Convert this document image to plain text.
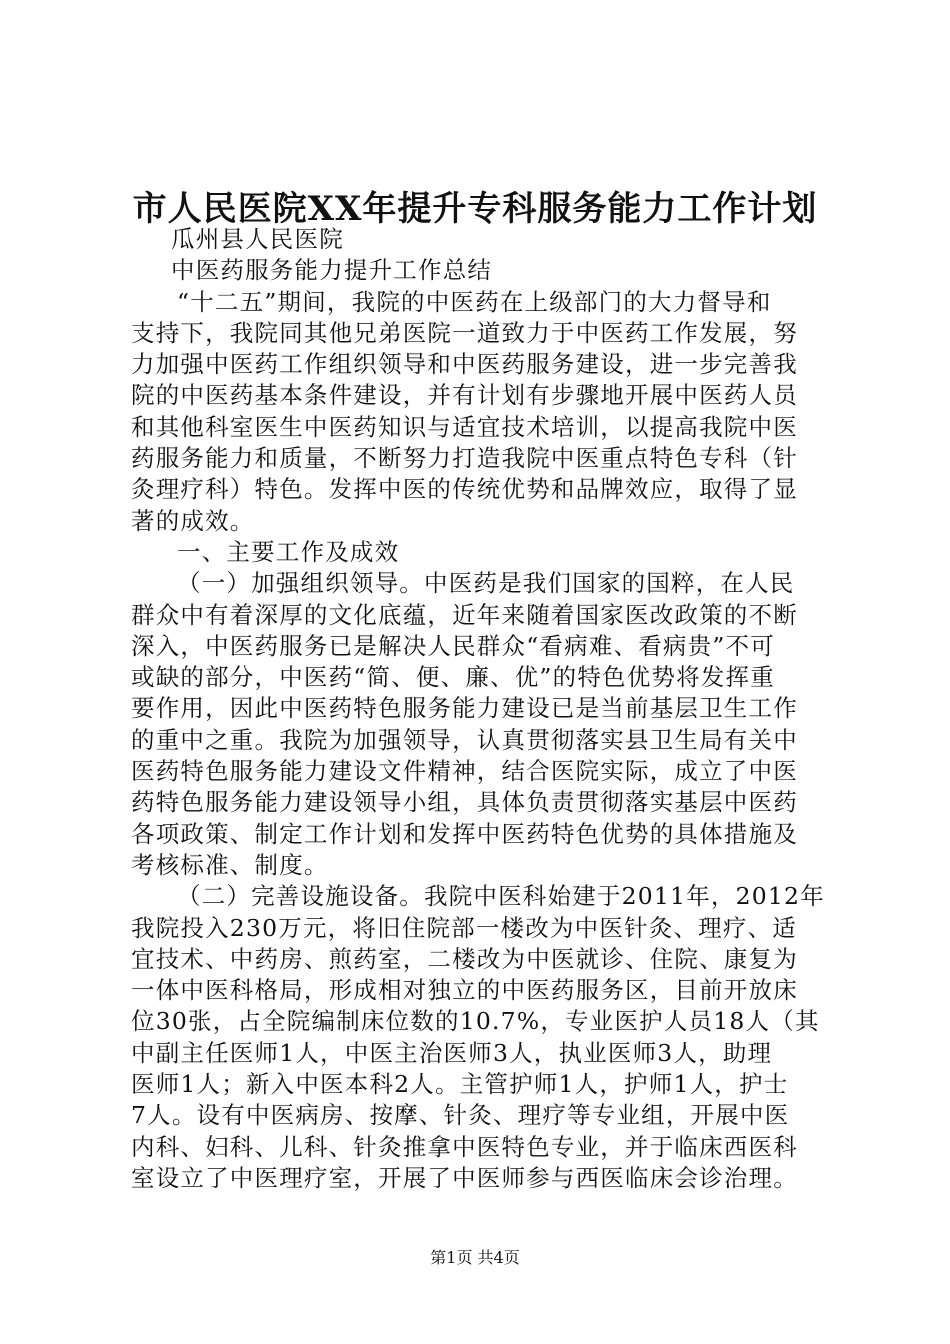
市人民医院XX年提升专科服务能力工作计划
瓜州县人民医院
中医药服务能力提升工作总结
“十二五”期间，我院的中医药在上级部门的大力督导和
支持下，我院同其他兄弟医院一道致力于中医药工作发展，努
力加强中医药工作组织领导和中医药服务建设，进一步完善我
院的中医药基本条件建设，并有计划有步骤地开展中医药人员
和其他科室医生中医药知识与适宜技术培训，以提高我院中医
药服务能力和质量，不断努力打造我院中医重点特色专科（针
灸理疗科）特色。发挥中医的传统优势和品牌效应，取得了显
著的成效。
一、主要工作及成效
（一）加强组织领导。中医药是我们国家的国粹，在人民
群众中有着深厚的文化底蕴，近年来随着国家医改政策的不断
深入，中医药服务已是解决人民群众“看病难、看病贵”不可
或缺的部分，中医药“简、便、廉、优”的特色优势将发挥重
要作用，因此中医药特色服务能力建设已是当前基层卫生工作
的重中之重。我院为加强领导，认真贯彻落实县卫生局有关中
医药特色服务能力建设文件精神，结合医院实际，成立了中医
药特色服务能力建设领导小组，具体负责贯彻落实基层中医药
各项政策、制定工作计划和发挥中医药特色优势的具体措施及
考核标准、制度。
（二）完善设施设备。我院中医科始建于2011年，2012年
我院投入230万元，将旧住院部一楼改为中医针灸、理疗、适
宜技术、中药房、煎药室，二楼改为中医就诊、住院、康复为
一体中医科格局，形成相对独立的中医药服务区，目前开放床
位30张，占全院编制床位数的10.7%，专业医护人员18人（其
中副主任医师1人，中医主治医师3人，执业医师3人，助理
医师1人；新入中医本科2人。主管护师1人，护师1人，护士
7人。设有中医病房、按摩、针灸、理疗等专业组，开展中医
内科、妇科、儿科、针灸推拿中医特色专业，并于临床西医科
室设立了中医理疗室，开展了中医师参与西医临床会诊治理。
第1页 共4页
